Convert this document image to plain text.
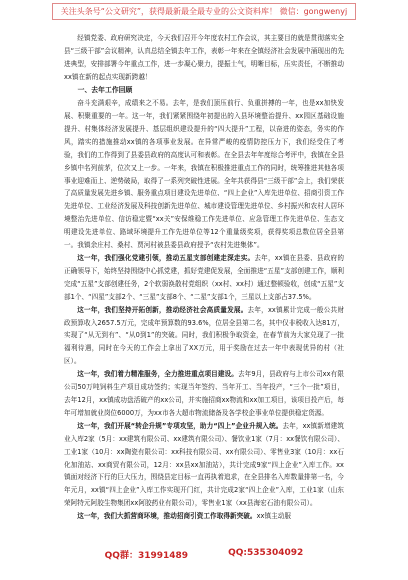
关注头条号“公文研究”，获得最新最全最专业的公文资料库！ 微信：gongwenyj

经镇党委、政府研究决定，今天我们召开今年度农村工作会议，其主要目的就是贯彻落实全县“三级干部”会议精神，认真总结全镇去年工作，表彰一年来在全镇经济社会发展中涌现出的先进典型，安排部署今年重点工作，进一步凝心聚力，提振士气，明晰目标，压实责任，不断推动xx镇在新的起点实现新跨越！

一、去年工作回顾

奋斗充满艰辛，成绩来之不易。去年，是我们顶压前行、负重拼搏的一年，也是xx加快发展、积聚重要的一年。这一年，我们紧紧围绕年初提出的入县环境整治提升、xx园区基础设施提升、村集体经济发展提升、基层组织建设提升的“四大提升”工程，以奋进的姿态，务实的作风，踏实的措施推动xx镇的各项事业发展。在异常严峻的疫情防控压力下，我们经受住了考验，我们的工作得到了县委县政府的高度认可和表彰。在全县去年年度综合考评中，我镇在全县乡镇中名列前茅，位次又上一步。一年来，我镇在积极推进重点工作的同时，统筹推进其他各项事业迎难而上、逆势破局，取得了一系列突破性进展。全年共获得县“三级干部”会上，我们荣获了高质量发展先进乡镇、服务重点项目建设先进单位、“四上企业”入库先进单位、招商引资工作先进单位、工业经济发展及科技创新先进单位、城市建设管理先进单位、乡村振兴和农村人居环境整治先进单位、信访稳定暨“xx关”安保维稳工作先进单位、应急管理工作先进单位、生态文明建设先进单位、路域环境提升工作先进单位等12个重量级奖项，获得奖项总数位居全县第一。我镇余庄村、桑村、贾河村被县委县政府授予“农村先进集体”。

这一年，我们强化党建引领，推动五星支部创建走深走实。去年，xx镇在县委、县政府的正确领导下，始终坚持围绕中心抓党建，抓好党建促发展，全面推进“五星”支部创建工作，顺利完成“五星”支部创建任务，2个软弱涣散村党组织（xx村、xx村）通过整顿验收，创成“五星”支部1个、“四星”支部2个、“三星”支部8个、“二星”支部1个，三星以上支部占37.5%。

这一年，我们坚持开拓创新，推动经济社会高质量发展。去年，xx镇累计完成一般公共财政预算收入2657.5万元，完成年预算数的93.6%，位居全县第二名，其中仅非税收入达81万，实现了“从无到有”、“从0到1”的突破。同时，我们积极争取资金，在春节前为大家兑现了一批福利待遇，同时在今天的工作会上拿出了XX万元，用于奖励在过去一年中表现优异的村（社区）。

这一年，我们着力精准服务，全力推进重点项目建设。去年9月，县政府与上市公司xx有限公司50万吨饲料生产项目成功签约；实现当年签约、当年开工、当年投产，“三个一批”项目，去年12月，xx镇成功盘活破产的xx公司，并实施招商xx物流和xx加工项目，该项目投产后，每年可增加就业岗位6000万，为xx市各大超市物流储备及各学校企事业单位提供稳定货源。

这一年，我们开展“转企升规”专项攻坚，助力“四上”企业升规入统。去年，xx镇新增建筑业入库2家（5月：xx建筑有限公司、xx建筑有限公司）、餐饮业1家（7月：xx餐饮有限公司）、工业1家（10月：xx陶瓷有限公司：xx科技有限公司、xx有限公司）、零售业3家（10月：xx石化加油站、xx商贸有限公司，12月：xx县xx加油站），共计完成9家“四上企业”入库工作。xx镇面对经济下行的巨大压力，围绕县定目标一直再执着追求，在全县排名入库数量排第一名，今年元月，xx镇“四上企业”入库工作实现开门红，共计完成2家“四上企业”入库，工业1家（山东荣阿特元阿胶生物集团xx阿胶药业有限公司），零售业1家（xx县海宏石油有限公司）。

这一年，我们大抓营商环境，推动招商引资工作取得新突破。xx镇主动服

QQ群：31991489	QQ:535304092
